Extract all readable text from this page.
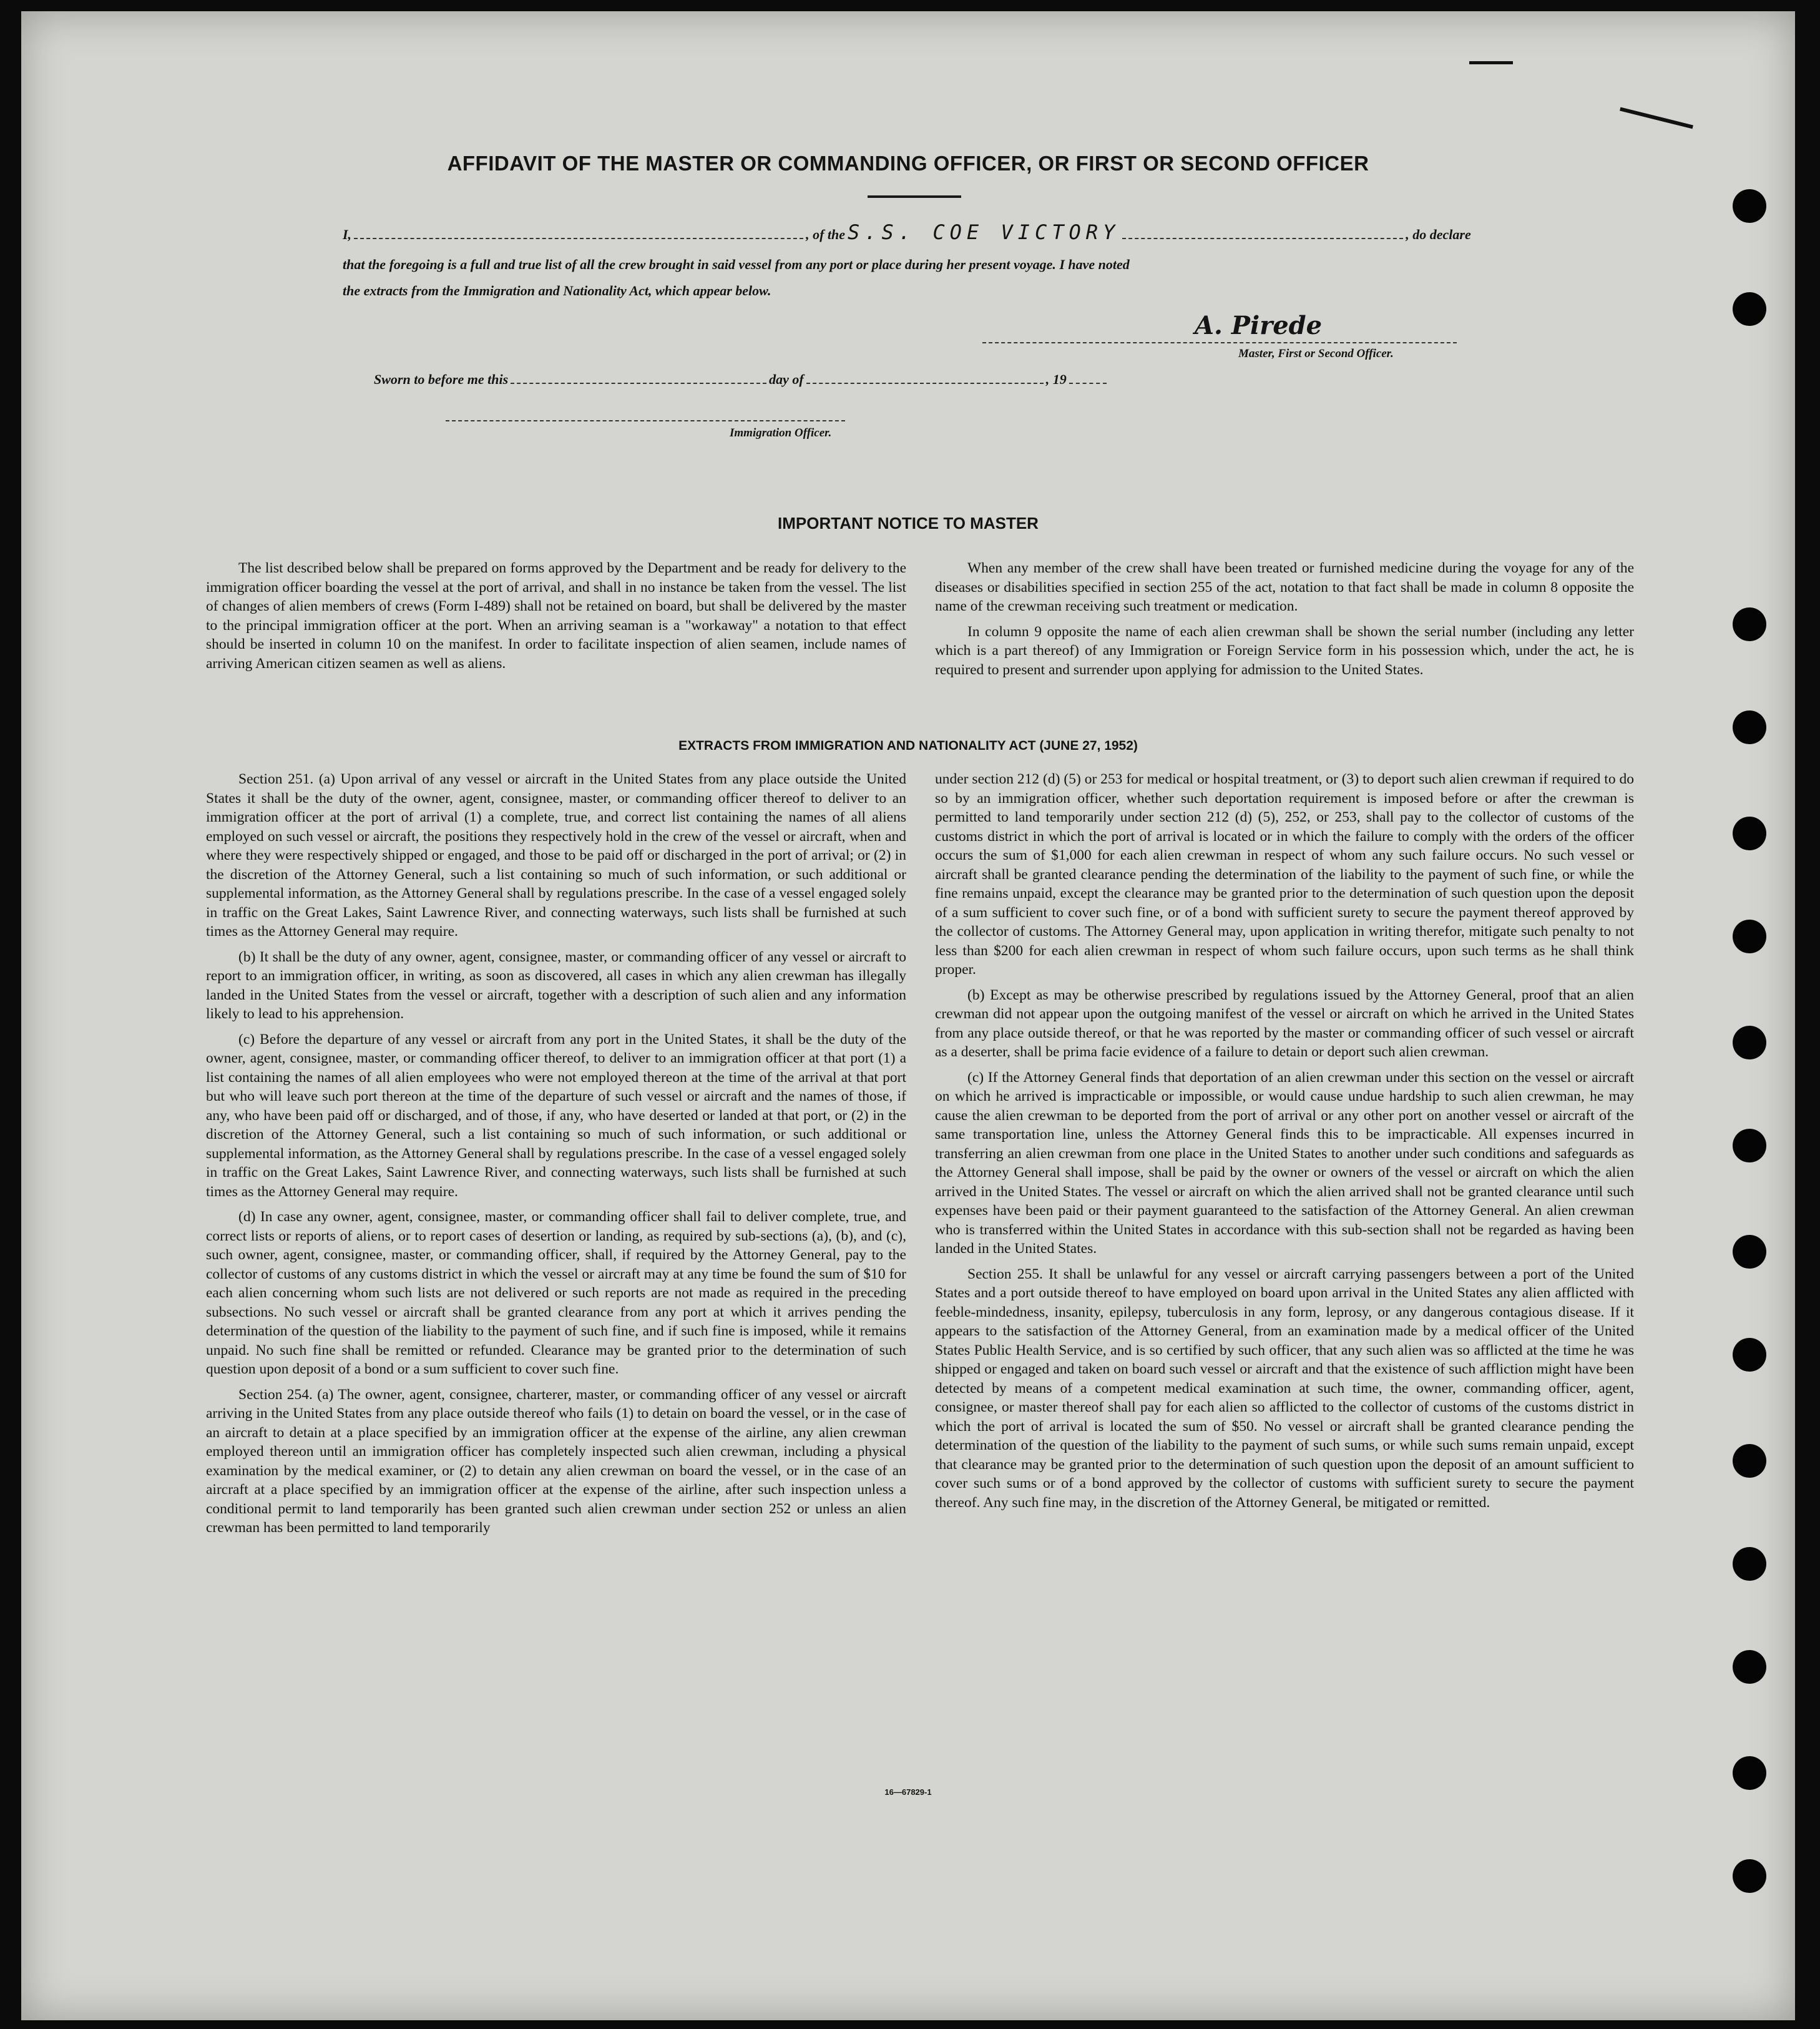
AFFIDAVIT OF THE MASTER OR COMMANDING OFFICER, OR FIRST OR SECOND OFFICER
I,	, of the S.S. COE VICTORY	, do declare
that the foregoing is a full and true list of all the crew brought in said vessel from any port or place during her present voyage. I have noted
the extracts from the Immigration and Nationality Act, which appear below.
A. Pirede
Master, First or Second Officer.
Sworn to before me this	day of	, 19
Immigration Officer.
IMPORTANT NOTICE TO MASTER

The list described below shall be prepared on forms approved by the Department and be ready for delivery to the immigration officer boarding the vessel at the port of arrival, and shall in no instance be taken from the vessel. The list of changes of alien members of crews (Form I-489) shall not be retained on board, but shall be delivered by the master to the principal immigration officer at the port. When an arriving seaman is a "workaway" a notation to that effect should be inserted in column 10 on the manifest. In order to facilitate inspection of alien seamen, include names of arriving American citizen seamen as well as aliens.

When any member of the crew shall have been treated or furnished medicine during the voyage for any of the diseases or disabilities specified in section 255 of the act, notation to that fact shall be made in column 8 opposite the name of the crewman receiving such treatment or medication.

In column 9 opposite the name of each alien crewman shall be shown the serial number (including any letter which is a part thereof) of any Immigration or Foreign Service form in his possession which, under the act, he is required to present and surrender upon applying for admission to the United States.

EXTRACTS FROM IMMIGRATION AND NATIONALITY ACT (JUNE 27, 1952)

Section 251. (a) Upon arrival of any vessel or aircraft in the United States from any place outside the United States it shall be the duty of the owner, agent, consignee, master, or commanding officer thereof to deliver to an immigration officer at the port of arrival (1) a complete, true, and correct list containing the names of all aliens employed on such vessel or aircraft, the positions they respectively hold in the crew of the vessel or aircraft, when and where they were respectively shipped or engaged, and those to be paid off or discharged in the port of arrival; or (2) in the discretion of the Attorney General, such a list containing so much of such information, or such additional or supplemental information, as the Attorney General shall by regulations prescribe. In the case of a vessel engaged solely in traffic on the Great Lakes, Saint Lawrence River, and connecting waterways, such lists shall be furnished at such times as the Attorney General may require.

(b) It shall be the duty of any owner, agent, consignee, master, or commanding officer of any vessel or aircraft to report to an immigration officer, in writing, as soon as discovered, all cases in which any alien crewman has illegally landed in the United States from the vessel or aircraft, together with a description of such alien and any information likely to lead to his apprehension.

(c) Before the departure of any vessel or aircraft from any port in the United States, it shall be the duty of the owner, agent, consignee, master, or commanding officer thereof, to deliver to an immigration officer at that port (1) a list containing the names of all alien employees who were not employed thereon at the time of the arrival at that port but who will leave such port thereon at the time of the departure of such vessel or aircraft and the names of those, if any, who have been paid off or discharged, and of those, if any, who have deserted or landed at that port, or (2) in the discretion of the Attorney General, such a list containing so much of such information, or such additional or supplemental information, as the Attorney General shall by regulations prescribe. In the case of a vessel engaged solely in traffic on the Great Lakes, Saint Lawrence River, and connecting waterways, such lists shall be furnished at such times as the Attorney General may require.

(d) In case any owner, agent, consignee, master, or commanding officer shall fail to deliver complete, true, and correct lists or reports of aliens, or to report cases of desertion or landing, as required by sub-sections (a), (b), and (c), such owner, agent, consignee, master, or commanding officer, shall, if required by the Attorney General, pay to the collector of customs of any customs district in which the vessel or aircraft may at any time be found the sum of $10 for each alien concerning whom such lists are not delivered or such reports are not made as required in the preceding subsections. No such vessel or aircraft shall be granted clearance from any port at which it arrives pending the determination of the question of the liability to the payment of such fine, and if such fine is imposed, while it remains unpaid. No such fine shall be remitted or refunded. Clearance may be granted prior to the determination of such question upon deposit of a bond or a sum sufficient to cover such fine.

Section 254. (a) The owner, agent, consignee, charterer, master, or commanding officer of any vessel or aircraft arriving in the United States from any place outside thereof who fails (1) to detain on board the vessel, or in the case of an aircraft to detain at a place specified by an immigration officer at the expense of the airline, any alien crewman employed thereon until an immigration officer has completely inspected such alien crewman, including a physical examination by the medical examiner, or (2) to detain any alien crewman on board the vessel, or in the case of an aircraft at a place specified by an immigration officer at the expense of the airline, after such inspection unless a conditional permit to land temporarily has been granted such alien crewman under section 252 or unless an alien crewman has been permitted to land temporarily

under section 212 (d) (5) or 253 for medical or hospital treatment, or (3) to deport such alien crewman if required to do so by an immigration officer, whether such deportation requirement is imposed before or after the crewman is permitted to land temporarily under section 212 (d) (5), 252, or 253, shall pay to the collector of customs of the customs district in which the port of arrival is located or in which the failure to comply with the orders of the officer occurs the sum of $1,000 for each alien crewman in respect of whom any such failure occurs. No such vessel or aircraft shall be granted clearance pending the determination of the liability to the payment of such fine, or while the fine remains unpaid, except the clearance may be granted prior to the determination of such question upon the deposit of a sum sufficient to cover such fine, or of a bond with sufficient surety to secure the payment thereof approved by the collector of customs. The Attorney General may, upon application in writing therefor, mitigate such penalty to not less than $200 for each alien crewman in respect of whom such failure occurs, upon such terms as he shall think proper.

(b) Except as may be otherwise prescribed by regulations issued by the Attorney General, proof that an alien crewman did not appear upon the outgoing manifest of the vessel or aircraft on which he arrived in the United States from any place outside thereof, or that he was reported by the master or commanding officer of such vessel or aircraft as a deserter, shall be prima facie evidence of a failure to detain or deport such alien crewman.

(c) If the Attorney General finds that deportation of an alien crewman under this section on the vessel or aircraft on which he arrived is impracticable or impossible, or would cause undue hardship to such alien crewman, he may cause the alien crewman to be deported from the port of arrival or any other port on another vessel or aircraft of the same transportation line, unless the Attorney General finds this to be impracticable. All expenses incurred in transferring an alien crewman from one place in the United States to another under such conditions and safeguards as the Attorney General shall impose, shall be paid by the owner or owners of the vessel or aircraft on which the alien arrived in the United States. The vessel or aircraft on which the alien arrived shall not be granted clearance until such expenses have been paid or their payment guaranteed to the satisfaction of the Attorney General. An alien crewman who is transferred within the United States in accordance with this sub-section shall not be regarded as having been landed in the United States.

Section 255. It shall be unlawful for any vessel or aircraft carrying passengers between a port of the United States and a port outside thereof to have employed on board upon arrival in the United States any alien afflicted with feeble-mindedness, insanity, epilepsy, tuberculosis in any form, leprosy, or any dangerous contagious disease. If it appears to the satisfaction of the Attorney General, from an examination made by a medical officer of the United States Public Health Service, and is so certified by such officer, that any such alien was so afflicted at the time he was shipped or engaged and taken on board such vessel or aircraft and that the existence of such affliction might have been detected by means of a competent medical examination at such time, the owner, commanding officer, agent, consignee, or master thereof shall pay for each alien so afflicted to the collector of customs of the customs district in which the port of arrival is located the sum of $50. No vessel or aircraft shall be granted clearance pending the determination of the question of the liability to the payment of such sums, or while such sums remain unpaid, except that clearance may be granted prior to the determination of such question upon the deposit of an amount sufficient to cover such sums or of a bond approved by the collector of customs with sufficient surety to secure the payment thereof. Any such fine may, in the discretion of the Attorney General, be mitigated or remitted.

16—67829-1
